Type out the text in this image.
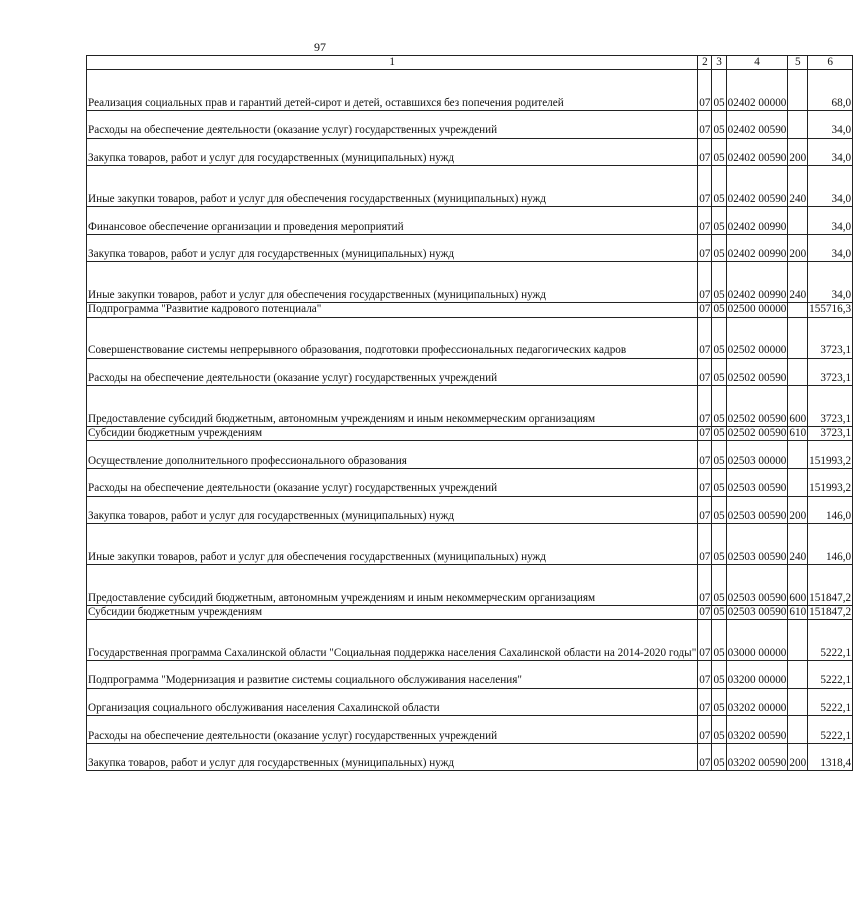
97
1	2	3	4	5	6
Реализация социальных прав и гарантий детей-сирот и детей, оставшихся без попечения родителей	07	05	02402 00000		68,0
Расходы на обеспечение деятельности (оказание услуг) государственных учреждений	07	05	02402 00590		34,0
Закупка товаров, работ и услуг для государственных (муниципальных) нужд	07	05	02402 00590	200	34,0
Иные закупки товаров, работ и услуг для обеспечения государственных (муниципальных) нужд	07	05	02402 00590	240	34,0
Финансовое обеспечение организации и проведения мероприятий	07	05	02402 00990		34,0
Закупка товаров, работ и услуг для государственных (муниципальных) нужд	07	05	02402 00990	200	34,0
Иные закупки товаров, работ и услуг для обеспечения государственных (муниципальных) нужд	07	05	02402 00990	240	34,0
Подпрограмма "Развитие кадрового потенциала"	07	05	02500 00000		155716,3
Совершенствование системы непрерывного образования, подготовки профессиональных педагогических кадров	07	05	02502 00000		3723,1
Расходы на обеспечение деятельности (оказание услуг) государственных учреждений	07	05	02502 00590		3723,1
Предоставление субсидий бюджетным, автономным учреждениям и иным некоммерческим организациям	07	05	02502 00590	600	3723,1
Субсидии бюджетным учреждениям	07	05	02502 00590	610	3723,1
Осуществление дополнительного профессионального образования	07	05	02503 00000		151993,2
Расходы на обеспечение деятельности (оказание услуг) государственных учреждений	07	05	02503 00590		151993,2
Закупка товаров, работ и услуг для государственных (муниципальных) нужд	07	05	02503 00590	200	146,0
Иные закупки товаров, работ и услуг для обеспечения государственных (муниципальных) нужд	07	05	02503 00590	240	146,0
Предоставление субсидий бюджетным, автономным учреждениям и иным некоммерческим организациям	07	05	02503 00590	600	151847,2
Субсидии бюджетным учреждениям	07	05	02503 00590	610	151847,2
Государственная программа Сахалинской области "Социальная поддержка населения Сахалинской области на 2014-2020 годы"	07	05	03000 00000		5222,1
Подпрограмма "Модернизация и развитие системы социального обслуживания населения"	07	05	03200 00000		5222,1
Организация социального обслуживания населения Сахалинской области	07	05	03202 00000		5222,1
Расходы на обеспечение деятельности (оказание услуг) государственных учреждений	07	05	03202 00590		5222,1
Закупка товаров, работ и услуг для государственных (муниципальных) нужд	07	05	03202 00590	200	1318,4
